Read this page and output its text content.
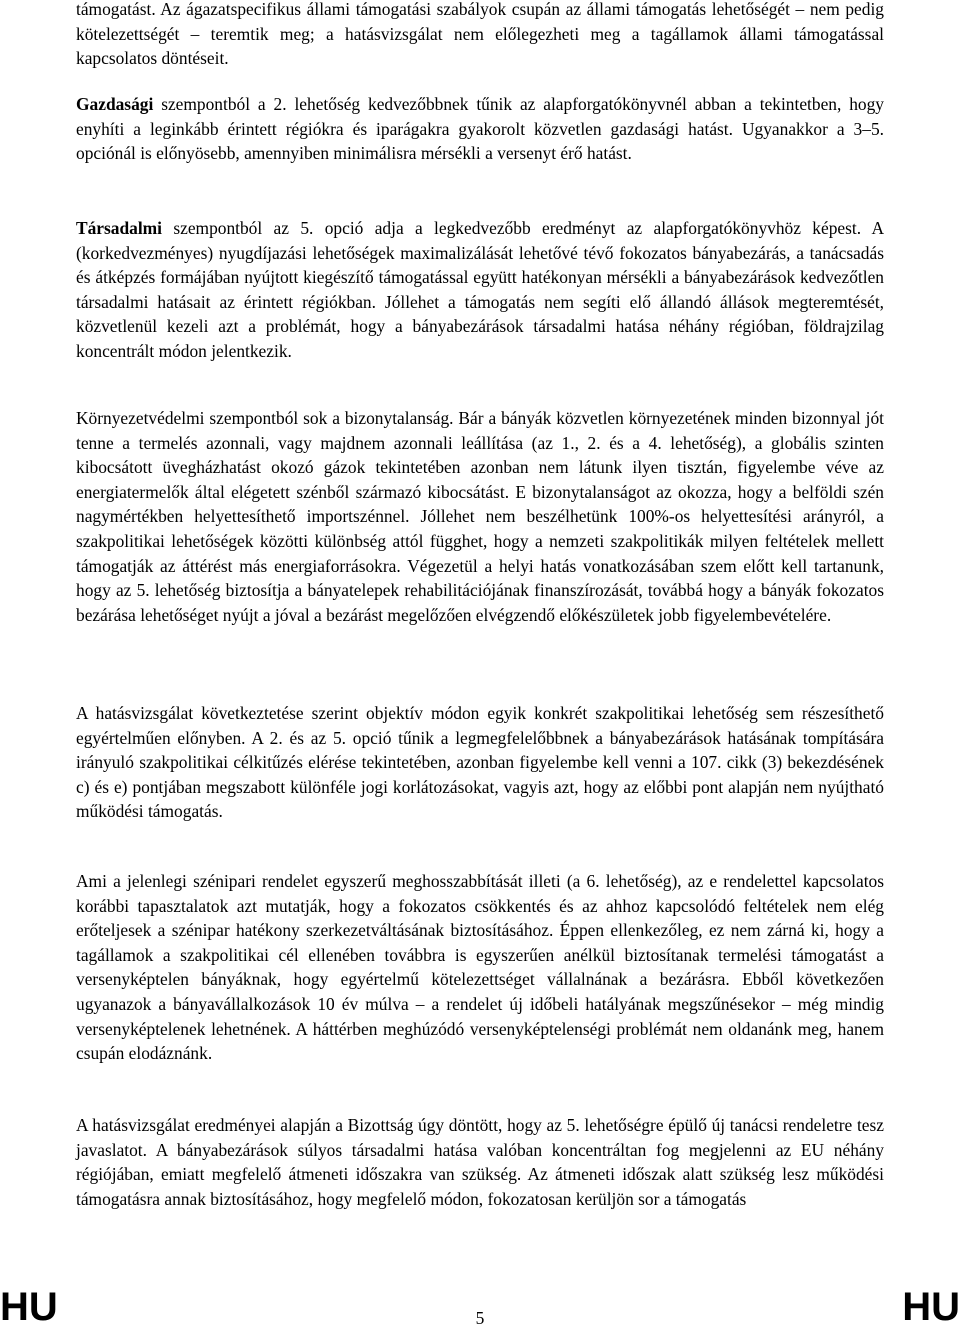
támogatást. Az ágazatspecifikus állami támogatási szabályok csupán az állami támogatás lehetőségét – nem pedig kötelezettségét – teremtik meg; a hatásvizsgálat nem előlegezheti meg a tagállamok állami támogatással kapcsolatos döntéseit.

Gazdasági szempontból a 2. lehetőség kedvezőbbnek tűnik az alapforgatókönyvnél abban a tekintetben, hogy enyhíti a leginkább érintett régiókra és iparágakra gyakorolt közvetlen gazdasági hatást. Ugyanakkor a 3–5. opciónál is előnyösebb, amennyiben minimálisra mérsékli a versenyt érő hatást.

Társadalmi szempontból az 5. opció adja a legkedvezőbb eredményt az alapforgatókönyvhöz képest. A (korkedvezményes) nyugdíjazási lehetőségek maximalizálását lehetővé tévő fokozatos bányabezárás, a tanácsadás és átképzés formájában nyújtott kiegészítő támogatással együtt hatékonyan mérsékli a bányabezárások kedvezőtlen társadalmi hatásait az érintett régiókban. Jóllehet a támogatás nem segíti elő állandó állások megteremtését, közvetlenül kezeli azt a problémát, hogy a bányabezárások társadalmi hatása néhány régióban, földrajzilag koncentrált módon jelentkezik.

Környezetvédelmi szempontból sok a bizonytalanság. Bár a bányák közvetlen környezetének minden bizonnyal jót tenne a termelés azonnali, vagy majdnem azonnali leállítása (az 1., 2. és a 4. lehetőség), a globális szinten kibocsátott üvegházhatást okozó gázok tekintetében azonban nem látunk ilyen tisztán, figyelembe véve az energiatermelők által elégetett szénből származó kibocsátást. E bizonytalanságot az okozza, hogy a belföldi szén nagymértékben helyettesíthető importszénnel. Jóllehet nem beszélhetünk 100%-os helyettesítési arányról, a szakpolitikai lehetőségek közötti különbség attól függhet, hogy a nemzeti szakpolitikák milyen feltételek mellett támogatják az áttérést más energiaforrásokra. Végezetül a helyi hatás vonatkozásában szem előtt kell tartanunk, hogy az 5. lehetőség biztosítja a bányatelepek rehabilitációjának finanszírozását, továbbá hogy a bányák fokozatos bezárása lehetőséget nyújt a jóval a bezárást megelőzően elvégzendő előkészületek jobb figyelembevételére.

A hatásvizsgálat következtetése szerint objektív módon egyik konkrét szakpolitikai lehetőség sem részesíthető egyértelműen előnyben. A 2. és az 5. opció tűnik a legmegfelelőbbnek a bányabezárások hatásának tompítására irányuló szakpolitikai célkitűzés elérése tekintetében, azonban figyelembe kell venni a 107. cikk (3) bekezdésének c) és e) pontjában megszabott különféle jogi korlátozásokat, vagyis azt, hogy az előbbi pont alapján nem nyújtható működési támogatás.

Ami a jelenlegi szénipari rendelet egyszerű meghosszabbítását illeti (a 6. lehetőség), az e rendelettel kapcsolatos korábbi tapasztalatok azt mutatják, hogy a fokozatos csökkentés és az ahhoz kapcsolódó feltételek nem elég erőteljesek a szénipar hatékony szerkezetváltásának biztosításához. Éppen ellenkezőleg, ez nem zárná ki, hogy a tagállamok a szakpolitikai cél ellenében továbbra is egyszerűen anélkül biztosítanak termelési támogatást a versenyképtelen bányáknak, hogy egyértelmű kötelezettséget vállalnának a bezárásra. Ebből következően ugyanazok a bányavállalkozások 10 év múlva – a rendelet új időbeli hatályának megszűnésekor – még mindig versenyképtelenek lehetnének. A háttérben meghúzódó versenyképtelenségi problémát nem oldanánk meg, hanem csupán elodáznánk.

A hatásvizsgálat eredményei alapján a Bizottság úgy döntött, hogy az 5. lehetőségre épülő új tanácsi rendeletre tesz javaslatot. A bányabezárások súlyos társadalmi hatása valóban koncentráltan fog megjelenni az EU néhány régiójában, emiatt megfelelő átmeneti időszakra van szükség. Az átmeneti időszak alatt szükség lesz működési támogatásra annak biztosításához, hogy megfelelő módon, fokozatosan kerüljön sor a támogatás

HU	5	HU
